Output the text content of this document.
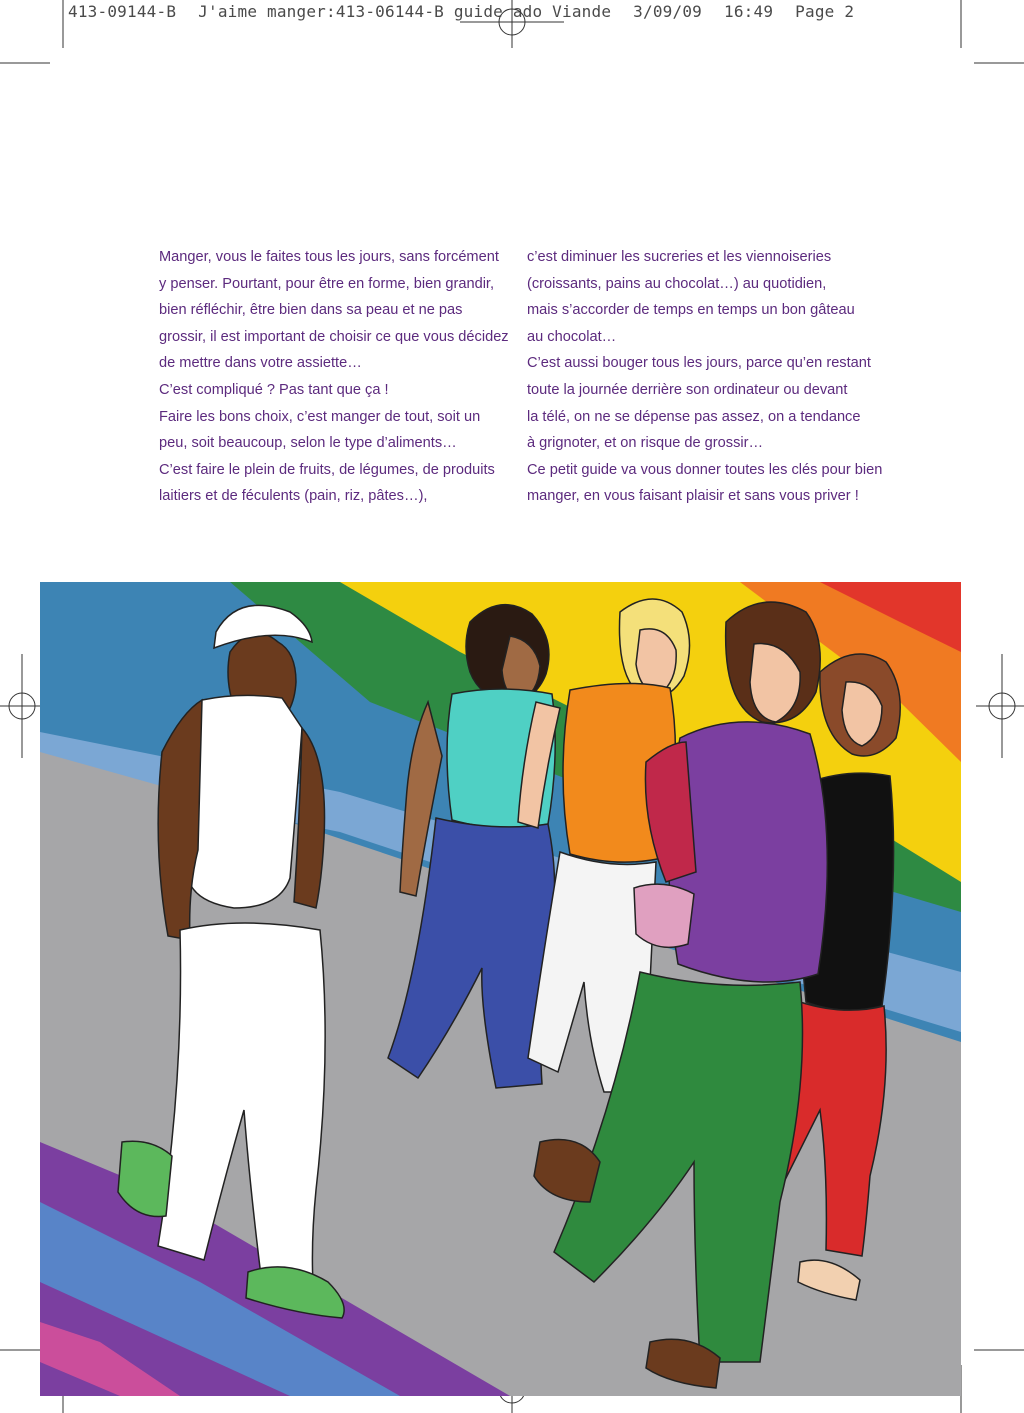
413-09144-B J'aime manger:413-06144-B guide ado Viande 3/09/09 16:49 Page 2
Manger, vous le faites tous les jours, sans forcément
y penser. Pourtant, pour être en forme, bien grandir,
bien réfléchir, être bien dans sa peau et ne pas
grossir, il est important de choisir ce que vous décidez
de mettre dans votre assiette…
C’est compliqué ? Pas tant que ça !
Faire les bons choix, c’est manger de tout, soit un
peu, soit beaucoup, selon le type d’aliments…
C’est faire le plein de fruits, de légumes, de produits
laitiers et de féculents (pain, riz, pâtes…),
c’est diminuer les sucreries et les viennoiseries
(croissants, pains au chocolat…) au quotidien,
mais s’accorder de temps en temps un bon gâteau
au chocolat…
C’est aussi bouger tous les jours, parce qu’en restant
toute la journée derrière son ordinateur ou devant
la télé, on ne se dépense pas assez, on a tendance
à grignoter, et on risque de grossir…
Ce petit guide va vous donner toutes les clés pour bien
manger, en vous faisant plaisir et sans vous priver !
